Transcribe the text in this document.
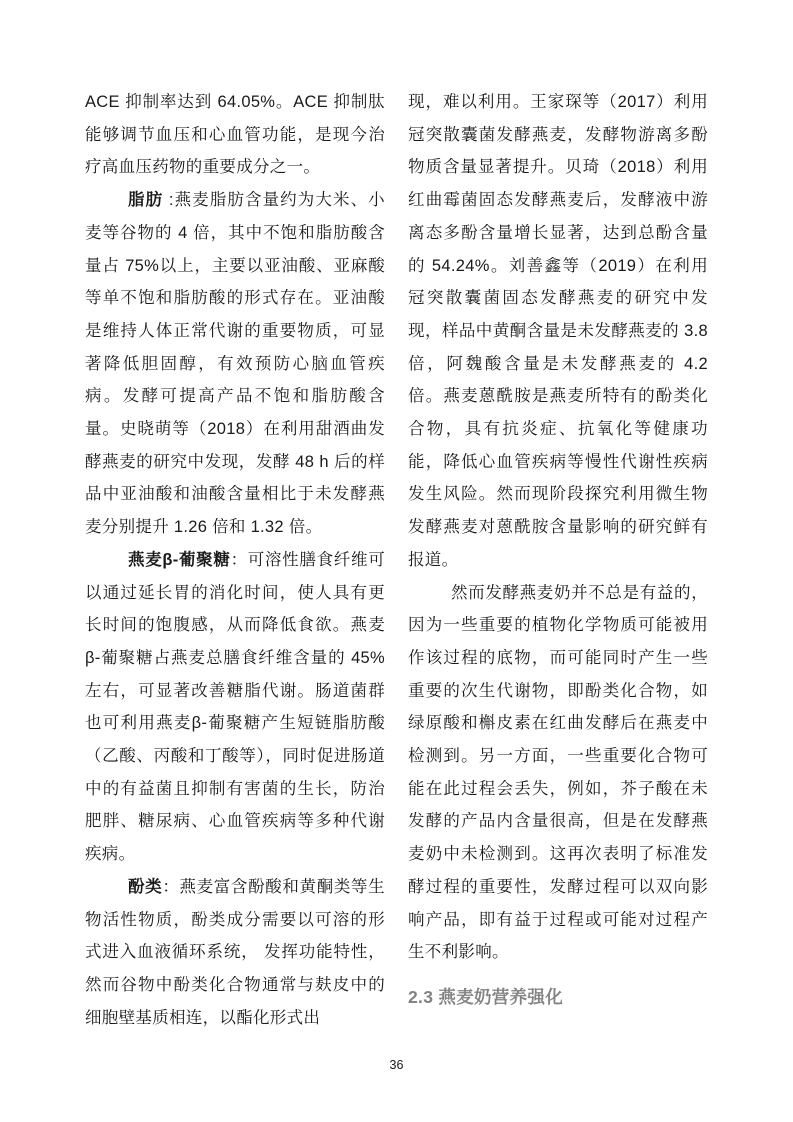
ACE 抑制率达到 64.05%。ACE 抑制肽能够调节血压和心血管功能，是现今治疗高血压药物的重要成分之一。

脂肪 :燕麦脂肪含量约为大米、小麦等谷物的 4 倍，其中不饱和脂肪酸含量占 75%以上，主要以亚油酸、亚麻酸等单不饱和脂肪酸的形式存在。亚油酸是维持人体正常代谢的重要物质，可显著降低胆固醇，有效预防心脑血管疾病。发酵可提高产品不饱和脂肪酸含量。史晓萌等（2018）在利用甜酒曲发酵燕麦的研究中发现，发酵 48 h 后的样品中亚油酸和油酸含量相比于未发酵燕麦分别提升 1.26 倍和 1.32 倍。

燕麦β-葡聚糖：可溶性膳食纤维可以通过延长胃的消化时间，使人具有更长时间的饱腹感，从而降低食欲。燕麦β-葡聚糖占燕麦总膳食纤维含量的 45%左右，可显著改善糖脂代谢。肠道菌群也可利用燕麦β-葡聚糖产生短链脂肪酸（乙酸、丙酸和丁酸等），同时促进肠道中的有益菌且抑制有害菌的生长，防治肥胖、糖尿病、心血管疾病等多种代谢疾病。

酚类：燕麦富含酚酸和黄酮类等生物活性物质，酚类成分需要以可溶的形式进入血液循环系统， 发挥功能特性，然而谷物中酚类化合物通常与麸皮中的细胞壁基质相连，以酯化形式出

现，难以利用。王家琛等（2017）利用冠突散囊菌发酵燕麦，发酵物游离多酚物质含量显著提升。贝琦（2018）利用红曲霉菌固态发酵燕麦后，发酵液中游离态多酚含量增长显著，达到总酚含量的 54.24%。刘善鑫等（2019）在利用冠突散囊菌固态发酵燕麦的研究中发现，样品中黄酮含量是未发酵燕麦的 3.8 倍，阿魏酸含量是未发酵燕麦的 4.2 倍。燕麦蒽酰胺是燕麦所特有的酚类化合物，具有抗炎症、抗氧化等健康功能，降低心血管疾病等慢性代谢性疾病发生风险。然而现阶段探究利用微生物发酵燕麦对蒽酰胺含量影响的研究鲜有报道。

然而发酵燕麦奶并不总是有益的，因为一些重要的植物化学物质可能被用作该过程的底物，而可能同时产生一些重要的次生代谢物，即酚类化合物，如绿原酸和槲皮素在红曲发酵后在燕麦中检测到。另一方面，一些重要化合物可能在此过程会丢失，例如，芥子酸在未发酵的产品内含量很高，但是在发酵燕麦奶中未检测到。这再次表明了标准发酵过程的重要性，发酵过程可以双向影响产品，即有益于过程或可能对过程产生不利影响。

2.3 燕麦奶营养强化
36
